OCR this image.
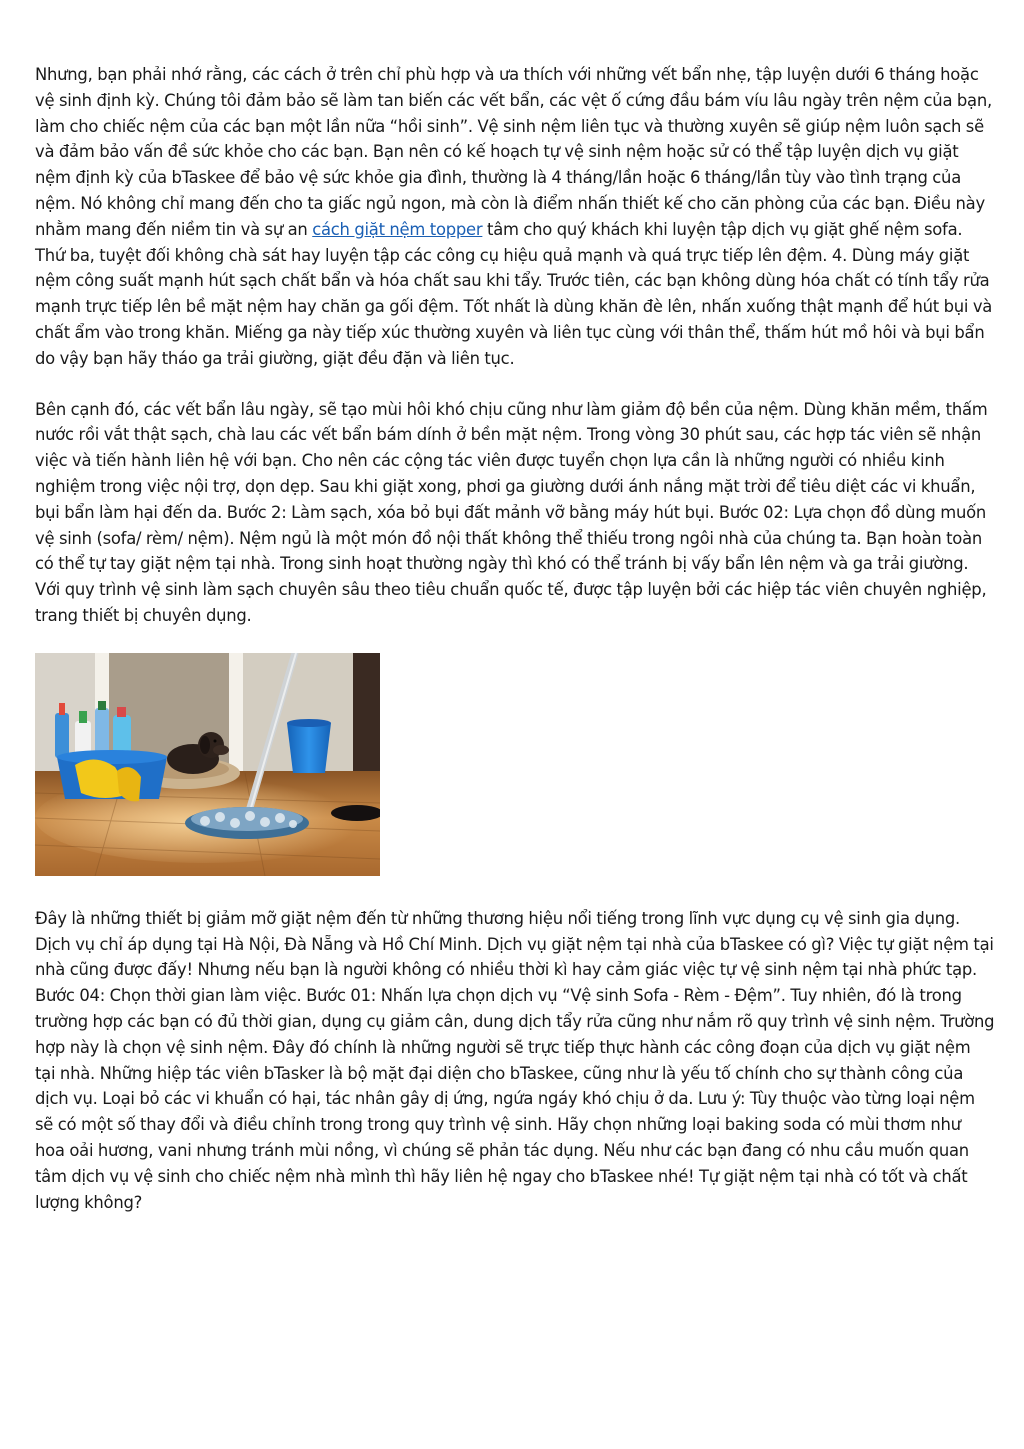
Nhưng, bạn phải nhớ rằng, các cách ở trên chỉ phù hợp và ưa thích với những vết bẩn nhẹ, tập luyện dưới 6 tháng hoặc vệ sinh định kỳ. Chúng tôi đảm bảo sẽ làm tan biến các vết bẩn, các vệt ố cứng đầu bám víu lâu ngày trên nệm của bạn, làm cho chiếc nệm của các bạn một lần nữa “hồi sinh”. Vệ sinh nệm liên tục và thường xuyên sẽ giúp nệm luôn sạch sẽ và đảm bảo vấn đề sức khỏe cho các bạn. Bạn nên có kế hoạch tự vệ sinh nệm hoặc sử có thể tập luyện dịch vụ giặt nệm định kỳ của bTaskee để bảo vệ sức khỏe gia đình, thường là 4 tháng/lần hoặc 6 tháng/lần tùy vào tình trạng của nệm. Nó không chỉ mang đến cho ta giấc ngủ ngon, mà còn là điểm nhấn thiết kế cho căn phòng của các bạn. Điều này nhằm mang đến niềm tin và sự an cách giặt nệm topper tâm cho quý khách khi luyện tập dịch vụ giặt ghế nệm sofa. Thứ ba, tuyệt đối không chà sát hay luyện tập các công cụ hiệu quả mạnh và quá trực tiếp lên đệm. 4. Dùng máy giặt nệm công suất mạnh hút sạch chất bẩn và hóa chất sau khi tẩy. Trước tiên, các bạn không dùng hóa chất có tính tẩy rửa mạnh trực tiếp lên bề mặt nệm hay chăn ga gối đệm. Tốt nhất là dùng khăn đè lên, nhấn xuống thật mạnh để hút bụi và chất ẩm vào trong khăn. Miếng ga này tiếp xúc thường xuyên và liên tục cùng với thân thể, thấm hút mồ hôi và bụi bẩn do vậy bạn hãy tháo ga trải giường, giặt đều đặn và liên tục.

Bên cạnh đó, các vết bẩn lâu ngày, sẽ tạo mùi hôi khó chịu cũng như làm giảm độ bền của nệm. Dùng khăn mềm, thấm nước rồi vắt thật sạch, chà lau các vết bẩn bám dính ở bền mặt nệm. Trong vòng 30 phút sau, các hợp tác viên sẽ nhận việc và tiến hành liên hệ với bạn. Cho nên các cộng tác viên được tuyển chọn lựa cần là những người có nhiều kinh nghiệm trong việc nội trợ, dọn dẹp. Sau khi giặt xong, phơi ga giường dưới ánh nắng mặt trời để tiêu diệt các vi khuẩn, bụi bẩn làm hại đến da. Bước 2: Làm sạch, xóa bỏ bụi đất mảnh vỡ bằng máy hút bụi. Bước 02: Lựa chọn đồ dùng muốn vệ sinh (sofa/ rèm/ nệm). Nệm ngủ là một món đồ nội thất không thể thiếu trong ngôi nhà của chúng ta. Bạn hoàn toàn có thể tự tay giặt nệm tại nhà. Trong sinh hoạt thường ngày thì khó có thể tránh bị vấy bẩn lên nệm và ga trải giường. Với quy trình vệ sinh làm sạch chuyên sâu theo tiêu chuẩn quốc tế, được tập luyện bởi các hiệp tác viên chuyên nghiệp, trang thiết bị chuyên dụng.

Đây là những thiết bị giảm mỡ giặt nệm đến từ những thương hiệu nổi tiếng trong lĩnh vực dụng cụ vệ sinh gia dụng. Dịch vụ chỉ áp dụng tại Hà Nội, Đà Nẵng và Hồ Chí Minh. Dịch vụ giặt nệm tại nhà của bTaskee có gì? Việc tự giặt nệm tại nhà cũng được đấy! Nhưng nếu bạn là người không có nhiều thời kì hay cảm giác việc tự vệ sinh nệm tại nhà phức tạp. Bước 04: Chọn thời gian làm việc. Bước 01: Nhấn lựa chọn dịch vụ “Vệ sinh Sofa - Rèm - Đệm”. Tuy nhiên, đó là trong trường hợp các bạn có đủ thời gian, dụng cụ giảm cân, dung dịch tẩy rửa cũng như nắm rõ quy trình vệ sinh nệm. Trường hợp này là chọn vệ sinh nệm. Đây đó chính là những người sẽ trực tiếp thực hành các công đoạn của dịch vụ giặt nệm tại nhà. Những hiệp tác viên bTasker là bộ mặt đại diện cho bTaskee, cũng như là yếu tố chính cho sự thành công của dịch vụ. Loại bỏ các vi khuẩn có hại, tác nhân gây dị ứng, ngứa ngáy khó chịu ở da. Lưu ý: Tùy thuộc vào từng loại nệm sẽ có một số thay đổi và điều chỉnh trong trong quy trình vệ sinh. Hãy chọn những loại baking soda có mùi thơm như hoa oải hương, vani nhưng tránh mùi nồng, vì chúng sẽ phản tác dụng. Nếu như các bạn đang có nhu cầu muốn quan tâm dịch vụ vệ sinh cho chiếc nệm nhà mình thì hãy liên hệ ngay cho bTaskee nhé! Tự giặt nệm tại nhà có tốt và chất lượng không?
